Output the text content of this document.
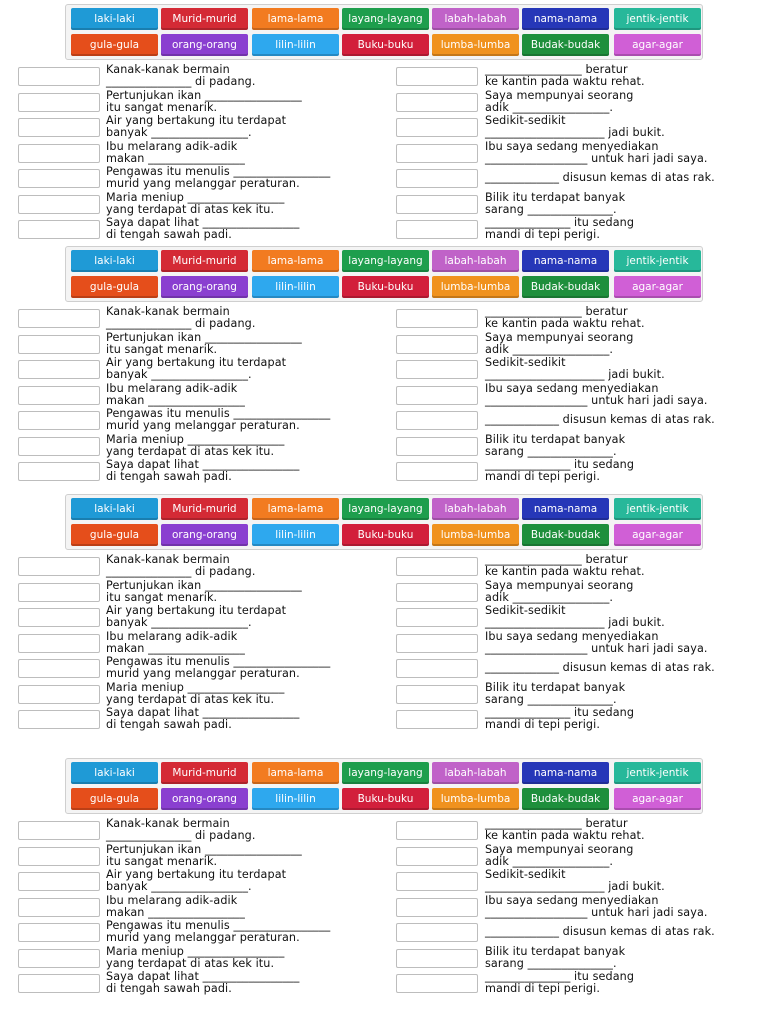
laki-laki	Murid-murid	lama-lama	layang-layang	labah-labah	nama-nama	jentik-jentik
gula-gula	orang-orang	lilin-lilin	Buku-buku	lumba-lumba	Budak-budak	agar-agar
Kanak-kanak bermain
_______________ di padang.
Pertunjukan ikan _________________
itu sangat menarik.
Air yang bertakung itu terdapat
banyak _________________.
Ibu melarang adik-adik
makan _________________
Pengawas itu menulis _________________
murid yang melanggar peraturan.
Maria meniup _________________
yang terdapat di atas kek itu.
Saya dapat lihat _________________
di tengah sawah padi.
_________________ beratur
ke kantin pada waktu rehat.
Saya mempunyai seorang
adik _________________.
Sedikit-sedikit
_____________________ jadi bukit.
Ibu saya sedang menyediakan
__________________ untuk hari jadi saya.
_____________ disusun kemas di atas rak.
Bilik itu terdapat banyak
sarang _______________.
_______________ itu sedang
mandi di tepi perigi.
laki-laki	Murid-murid	lama-lama	layang-layang	labah-labah	nama-nama	jentik-jentik
gula-gula	orang-orang	lilin-lilin	Buku-buku	lumba-lumba	Budak-budak	agar-agar
Kanak-kanak bermain
_______________ di padang.
Pertunjukan ikan _________________
itu sangat menarik.
Air yang bertakung itu terdapat
banyak _________________.
Ibu melarang adik-adik
makan _________________
Pengawas itu menulis _________________
murid yang melanggar peraturan.
Maria meniup _________________
yang terdapat di atas kek itu.
Saya dapat lihat _________________
di tengah sawah padi.
_________________ beratur
ke kantin pada waktu rehat.
Saya mempunyai seorang
adik _________________.
Sedikit-sedikit
_____________________ jadi bukit.
Ibu saya sedang menyediakan
__________________ untuk hari jadi saya.
_____________ disusun kemas di atas rak.
Bilik itu terdapat banyak
sarang _______________.
_______________ itu sedang
mandi di tepi perigi.
laki-laki	Murid-murid	lama-lama	layang-layang	labah-labah	nama-nama	jentik-jentik
gula-gula	orang-orang	lilin-lilin	Buku-buku	lumba-lumba	Budak-budak	agar-agar
Kanak-kanak bermain
_______________ di padang.
Pertunjukan ikan _________________
itu sangat menarik.
Air yang bertakung itu terdapat
banyak _________________.
Ibu melarang adik-adik
makan _________________
Pengawas itu menulis _________________
murid yang melanggar peraturan.
Maria meniup _________________
yang terdapat di atas kek itu.
Saya dapat lihat _________________
di tengah sawah padi.
_________________ beratur
ke kantin pada waktu rehat.
Saya mempunyai seorang
adik _________________.
Sedikit-sedikit
_____________________ jadi bukit.
Ibu saya sedang menyediakan
__________________ untuk hari jadi saya.
_____________ disusun kemas di atas rak.
Bilik itu terdapat banyak
sarang _______________.
_______________ itu sedang
mandi di tepi perigi.
laki-laki	Murid-murid	lama-lama	layang-layang	labah-labah	nama-nama	jentik-jentik
gula-gula	orang-orang	lilin-lilin	Buku-buku	lumba-lumba	Budak-budak	agar-agar
Kanak-kanak bermain
_______________ di padang.
Pertunjukan ikan _________________
itu sangat menarik.
Air yang bertakung itu terdapat
banyak _________________.
Ibu melarang adik-adik
makan _________________
Pengawas itu menulis _________________
murid yang melanggar peraturan.
Maria meniup _________________
yang terdapat di atas kek itu.
Saya dapat lihat _________________
di tengah sawah padi.
_________________ beratur
ke kantin pada waktu rehat.
Saya mempunyai seorang
adik _________________.
Sedikit-sedikit
_____________________ jadi bukit.
Ibu saya sedang menyediakan
__________________ untuk hari jadi saya.
_____________ disusun kemas di atas rak.
Bilik itu terdapat banyak
sarang _______________.
_______________ itu sedang
mandi di tepi perigi.
